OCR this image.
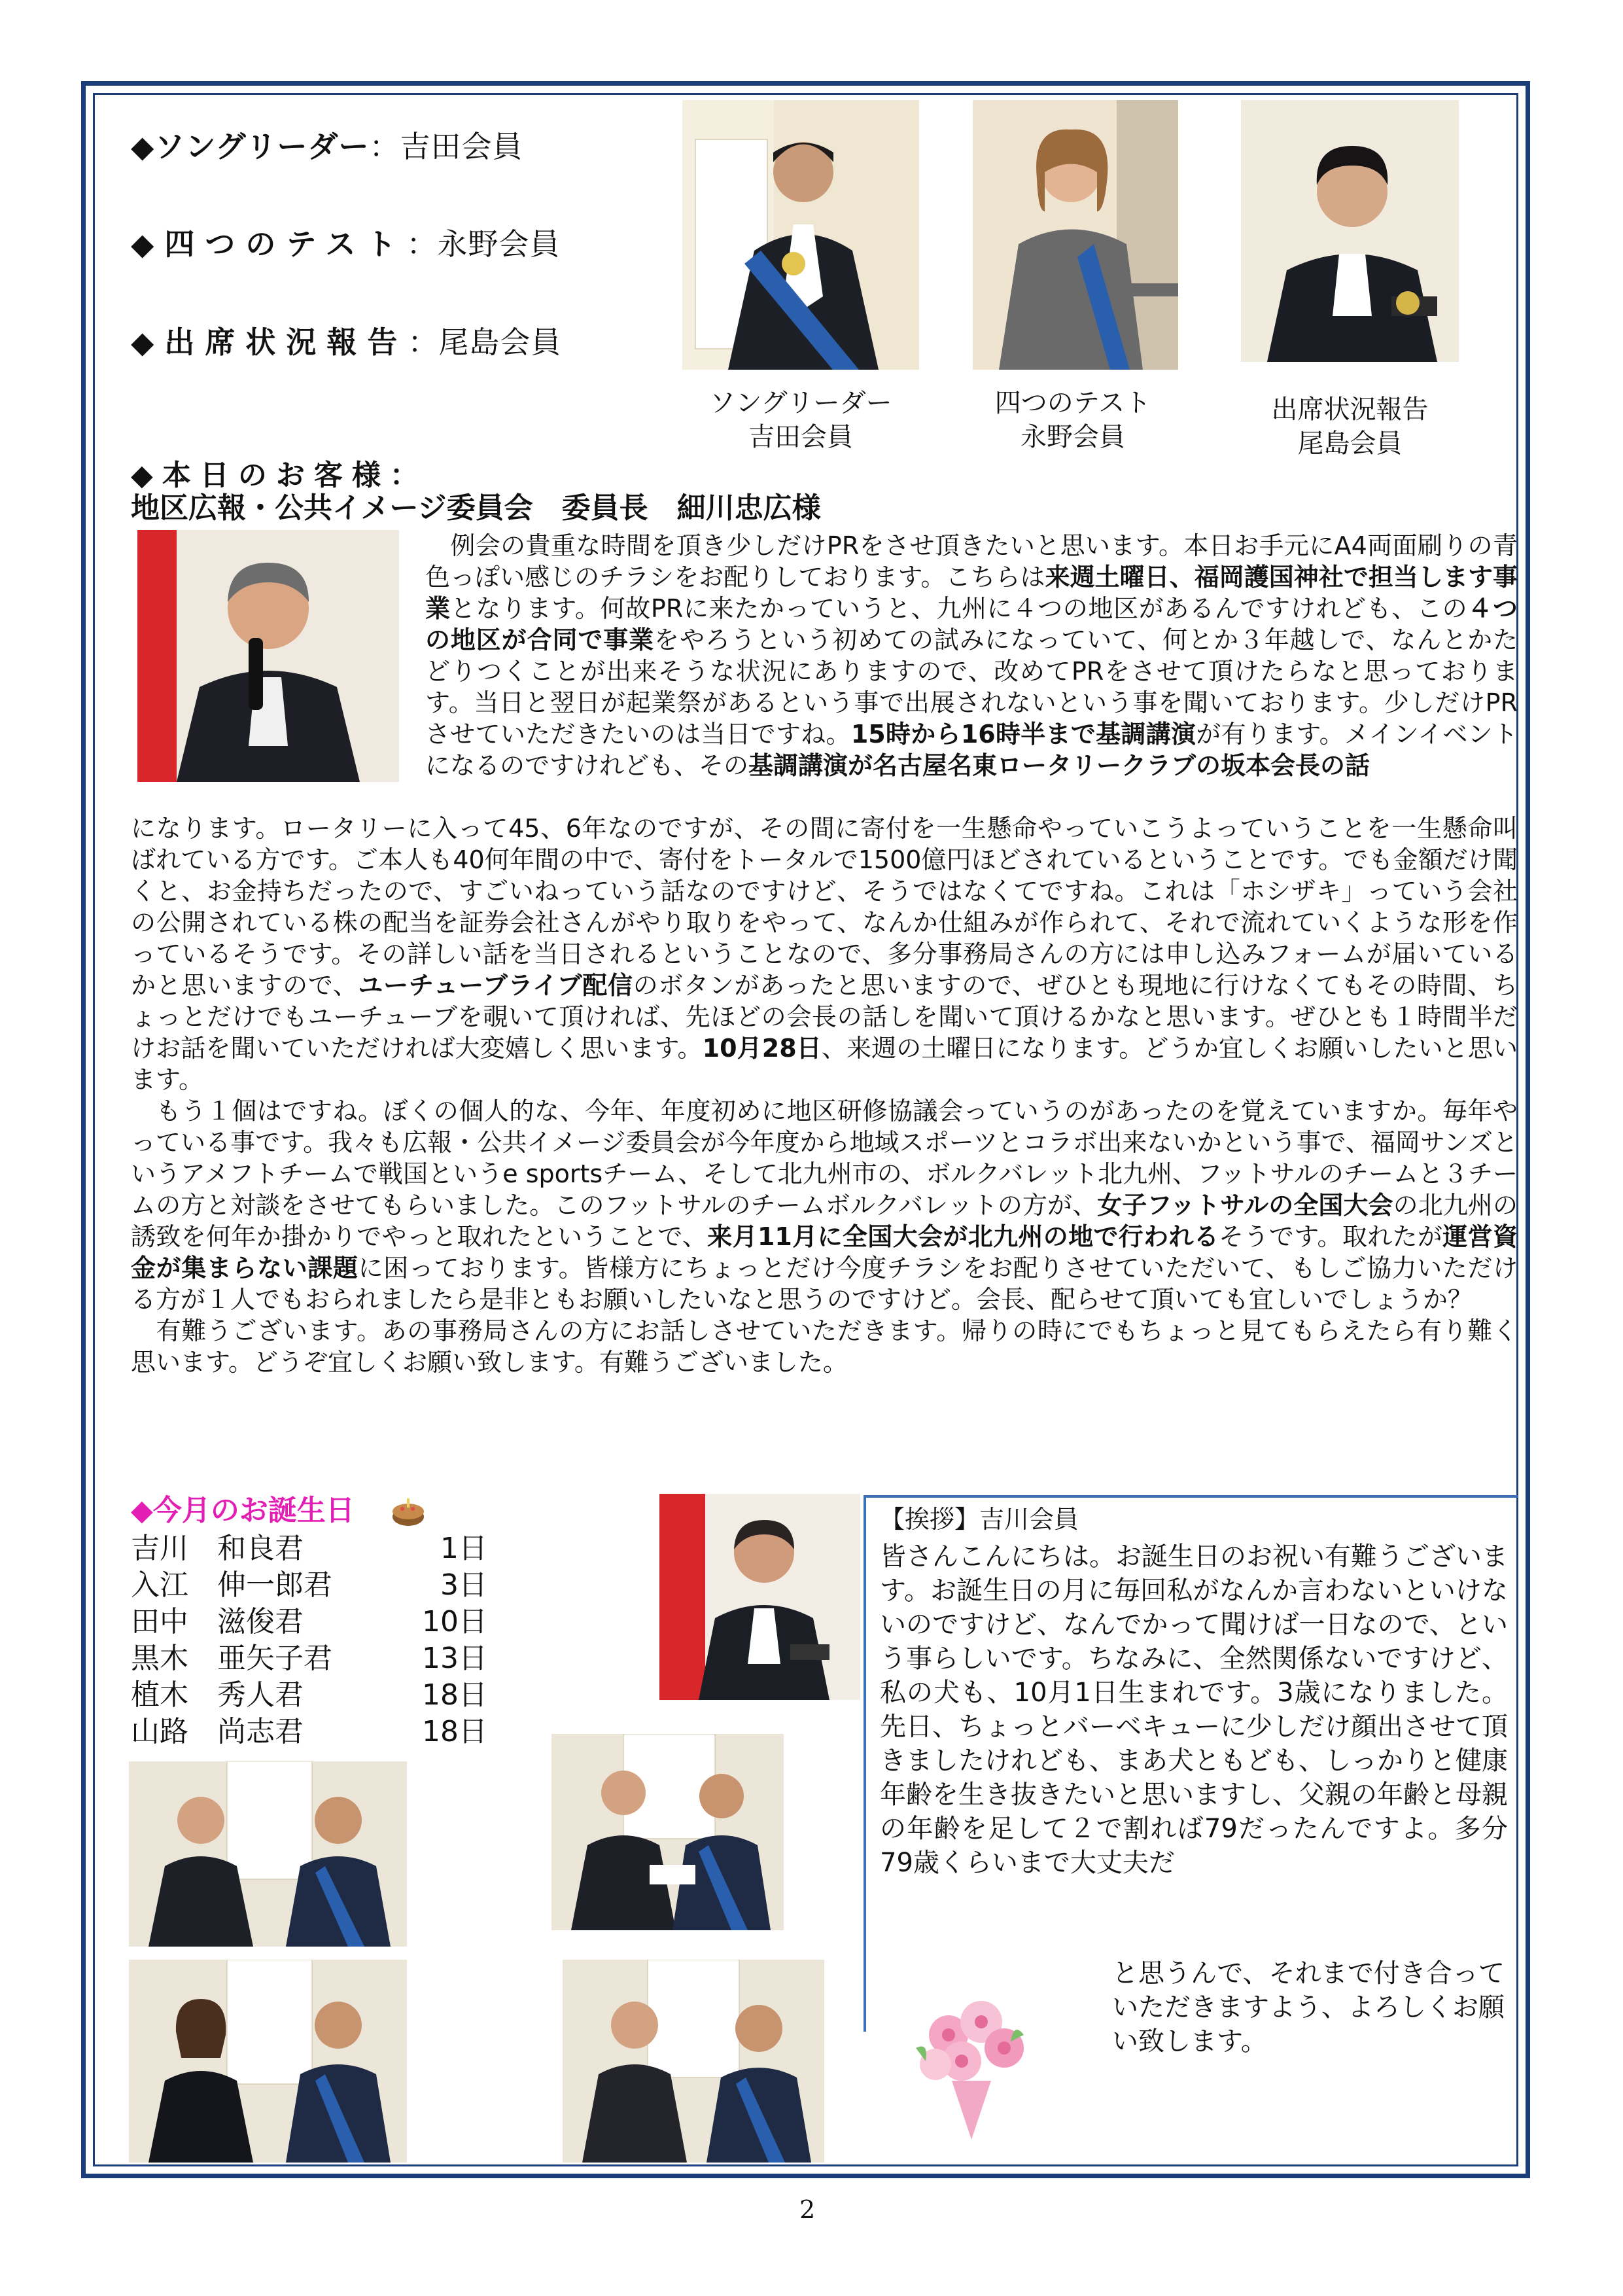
◆ソングリーダー：吉田会員
◆四つのテスト：永野会員
◆出席状況報告：尾島会員
ソングリーダー
吉田会員
四つのテスト
永野会員
出席状況報告
尾島会員
◆本日のお客様：
地区広報・公共イメージ委員会　委員長　細川忠広様

　例会の貴重な時間を頂き少しだけPRをさせ頂きたいと思います。本日お手元にA4両面刷りの青色っぽい感じのチラシをお配りしております。こちらは来週土曜日、福岡護国神社で担当します事業となります。何故PRに来たかっていうと、九州に４つの地区があるんですけれども、この４つの地区が合同で事業をやろうという初めての試みになっていて、何とか３年越しで、なんとかたどりつくことが出来そうな状況にありますので、改めてPRをさせて頂けたらなと思っております。当日と翌日が起業祭があるという事で出展されないという事を聞いております。少しだけPRさせていただきたいのは当日ですね。15時から16時半まで基調講演が有ります。メインイベントになるのですけれども、その基調講演が名古屋名東ロータリークラブの坂本会長の話

になります。ロータリーに入って45、6年なのですが、その間に寄付を一生懸命やっていこうよっていうことを一生懸命叫ばれている方です。ご本人も40何年間の中で、寄付をトータルで1500億円ほどされているということです。でも金額だけ聞くと、お金持ちだったので、すごいねっていう話なのですけど、そうではなくてですね。これは「ホシザキ」っていう会社の公開されている株の配当を証券会社さんがやり取りをやって、なんか仕組みが作られて、それで流れていくような形を作っているそうです。その詳しい話を当日されるということなので、多分事務局さんの方には申し込みフォームが届いているかと思いますので、ユーチューブライブ配信のボタンがあったと思いますので、ぜひとも現地に行けなくてもその時間、ちょっとだけでもユーチューブを覗いて頂ければ、先ほどの会長の話しを聞いて頂けるかなと思います。ぜひとも１時間半だけお話を聞いていただければ大変嬉しく思います。10月28日、来週の土曜日になります。どうか宜しくお願いしたいと思います。

　もう１個はですね。ぼくの個人的な、今年、年度初めに地区研修協議会っていうのがあったのを覚えていますか。毎年やっている事です。我々も広報・公共イメージ委員会が今年度から地域スポーツとコラボ出来ないかという事で、福岡サンズというアメフトチームで戦国というe sportsチーム、そして北九州市の、ボルクバレット北九州、フットサルのチームと３チームの方と対談をさせてもらいました。このフットサルのチームボルクバレットの方が、女子フットサルの全国大会の北九州の誘致を何年か掛かりでやっと取れたということで、来月11月に全国大会が北九州の地で行われるそうです。取れたが運営資金が集まらない課題に困っております。皆様方にちょっとだけ今度チラシをお配りさせていただいて、もしご協力いただける方が１人でもおられましたら是非ともお願いしたいなと思うのですけど。会長、配らせて頂いても宜しいでしょうか？

　有難うございます。あの事務局さんの方にお話しさせていただきます。帰りの時にでもちょっと見てもらえたら有り難く思います。どうぞ宜しくお願い致します。有難うございました。

◆今月のお誕生日
吉川　和良君	1日
入江　伸一郎君	3日
田中　滋俊君	10日
黒木　亜矢子君	13日
植木　秀人君	18日
山路　尚志君	18日
【挨拶】吉川会員
皆さんこんにちは。お誕生日のお祝い有難うございます。お誕生日の月に毎回私がなんか言わないといけないのですけど、なんでかって聞けば一日なので、という事らしいです。ちなみに、全然関係ないですけど、私の犬も、10月1日生まれです。3歳になりました。先日、ちょっとバーベキューに少しだけ顔出させて頂きましたけれども、まあ犬ともども、しっかりと健康年齢を生き抜きたいと思いますし、父親の年齢と母親の年齢を足して２で割れば79だったんですよ。多分79歳くらいまで大丈夫だ
と思うんで、それまで付き合っていただきますよう、よろしくお願い致します。
2
